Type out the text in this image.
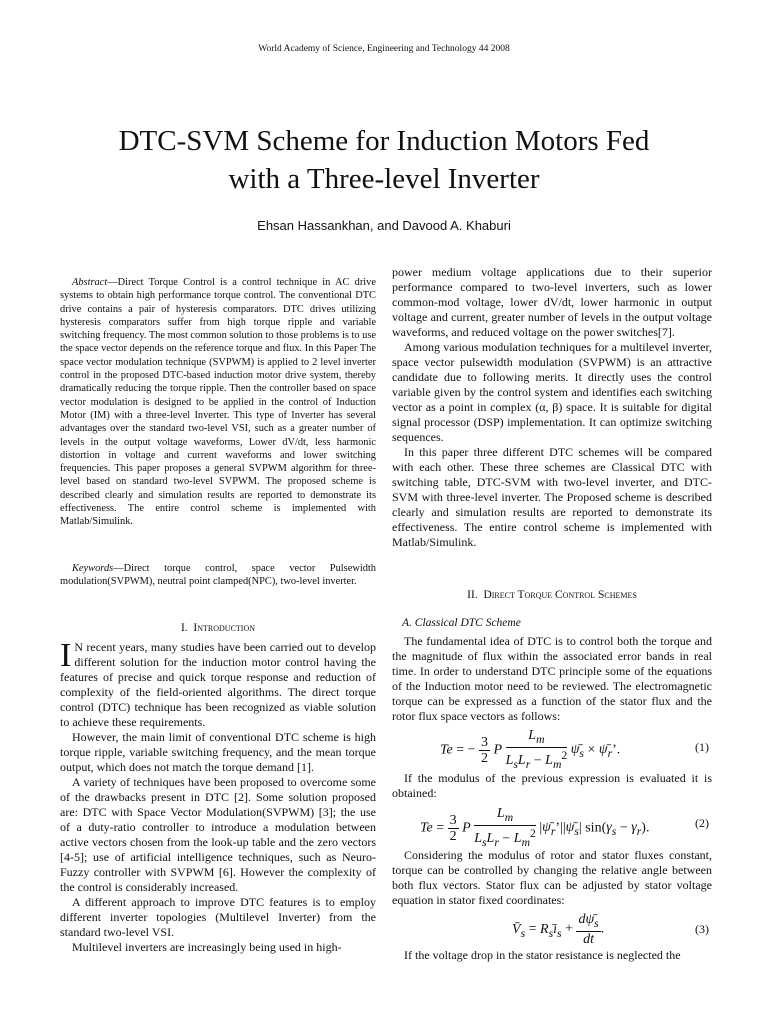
World Academy of Science, Engineering and Technology 44 2008
DTC-SVM Scheme for Induction Motors Fed
with a Three-level Inverter
Ehsan Hassankhan, and Davood A. Khaburi

Abstract—Direct Torque Control is a control technique in AC drive systems to obtain high performance torque control. The conventional DTC drive contains a pair of hysteresis comparators. DTC drives utilizing hysteresis comparators suffer from high torque ripple and variable switching frequency. The most common solution to those problems is to use the space vector depends on the reference torque and flux. In this Paper The space vector modulation technique (SVPWM) is applied to 2 level inverter control in the proposed DTC-based induction motor drive system, thereby dramatically reducing the torque ripple. Then the controller based on space vector modulation is designed to be applied in the control of Induction Motor (IM) with a three-level Inverter. This type of Inverter has several advantages over the standard two-level VSI, such as a greater number of levels in the output voltage waveforms, Lower dV/dt, less harmonic distortion in voltage and current waveforms and lower switching frequencies. This paper proposes a general SVPWM algorithm for three-level based on standard two-level SVPWM. The proposed scheme is described clearly and simulation results are reported to demonstrate its effectiveness. The entire control scheme is implemented with Matlab/Simulink.

Keywords—Direct torque control, space vector Pulsewidth modulation(SVPWM), neutral point clamped(NPC), two-level inverter.

I. Introduction

I N recent years, many studies have been carried out to develop different solution for the induction motor control having the features of precise and quick torque response and reduction of complexity of the field-oriented algorithms. The direct torque control (DTC) technique has been recognized as viable solution to achieve these requirements.

However, the main limit of conventional DTC scheme is high torque ripple, variable switching frequency, and the mean torque output, which does not match the torque demand [1].

A variety of techniques have been proposed to overcome some of the drawbacks present in DTC [2]. Some solution proposed are: DTC with Space Vector Modulation(SVPWM) [3]; the use of a duty-ratio controller to introduce a modulation between active vectors chosen from the look-up table and the zero vectors [4-5]; use of artificial intelligence techniques, such as Neuro-Fuzzy controller with SVPWM [6]. However the complexity of the control is considerably increased.

A different approach to improve DTC features is to employ different inverter topologies (Multilevel Inverter) from the standard two-level VSI.

Multilevel inverters are increasingly being used in high-

power medium voltage applications due to their superior performance compared to two-level inverters, such as lower common-mod voltage, lower dV/dt, lower harmonic in output voltage and current, greater number of levels in the output voltage waveforms, and reduced voltage on the power switches[7].

Among various modulation techniques for a multilevel inverter, space vector pulsewidth modulation (SVPWM) is an attractive candidate due to following merits. It directly uses the control variable given by the control system and identifies each switching vector as a point in complex (α, β) space. It is suitable for digital signal processor (DSP) implementation. It can optimize switching sequences.

In this paper three different DTC schemes will be compared with each other. These three schemes are Classical DTC with switching table, DTC-SVM with two-level inverter, and DTC-SVM with three-level inverter. The Proposed scheme is described clearly and simulation results are reported to demonstrate its effectiveness. The entire control scheme is implemented with Matlab/Simulink.

II. Direct Torque Control Schemes
A. Classical DTC Scheme

The fundamental idea of DTC is to control both the torque and the magnitude of flux within the associated error bands in real time. In order to understand DTC principle some of the equations of the Induction motor need to be reviewed. The electromagnetic torque can be expressed as a function of the stator flux and the rotor flux space vectors as follows:

Te = − $\frac{3}{2}$ P $\frac{L_m}{L_sL_r - L_m^2}$ $\psī_s$ × $\psī_r$’.	(1)

If the modulus of the previous expression is evaluated it is obtained:

$Te = \frac{3}{2}$ P $\frac{L_m}{L_sL_r - L_m^2}$ $|\psī_r’||\psī_s|$ $\sin(\gamma_s - \gamma_r)$.	(2)

Considering the modulus of rotor and stator fluxes constant, torque can be controlled by changing the relative angle between both flux vectors. Stator flux can be adjusted by stator voltage equation in stator fixed coordinates:

$V̄_s$ = $R_s̄i_s + \frac{d\psī_s}{dt}$ .	(3)

If the voltage drop in the stator resistance is neglected the
